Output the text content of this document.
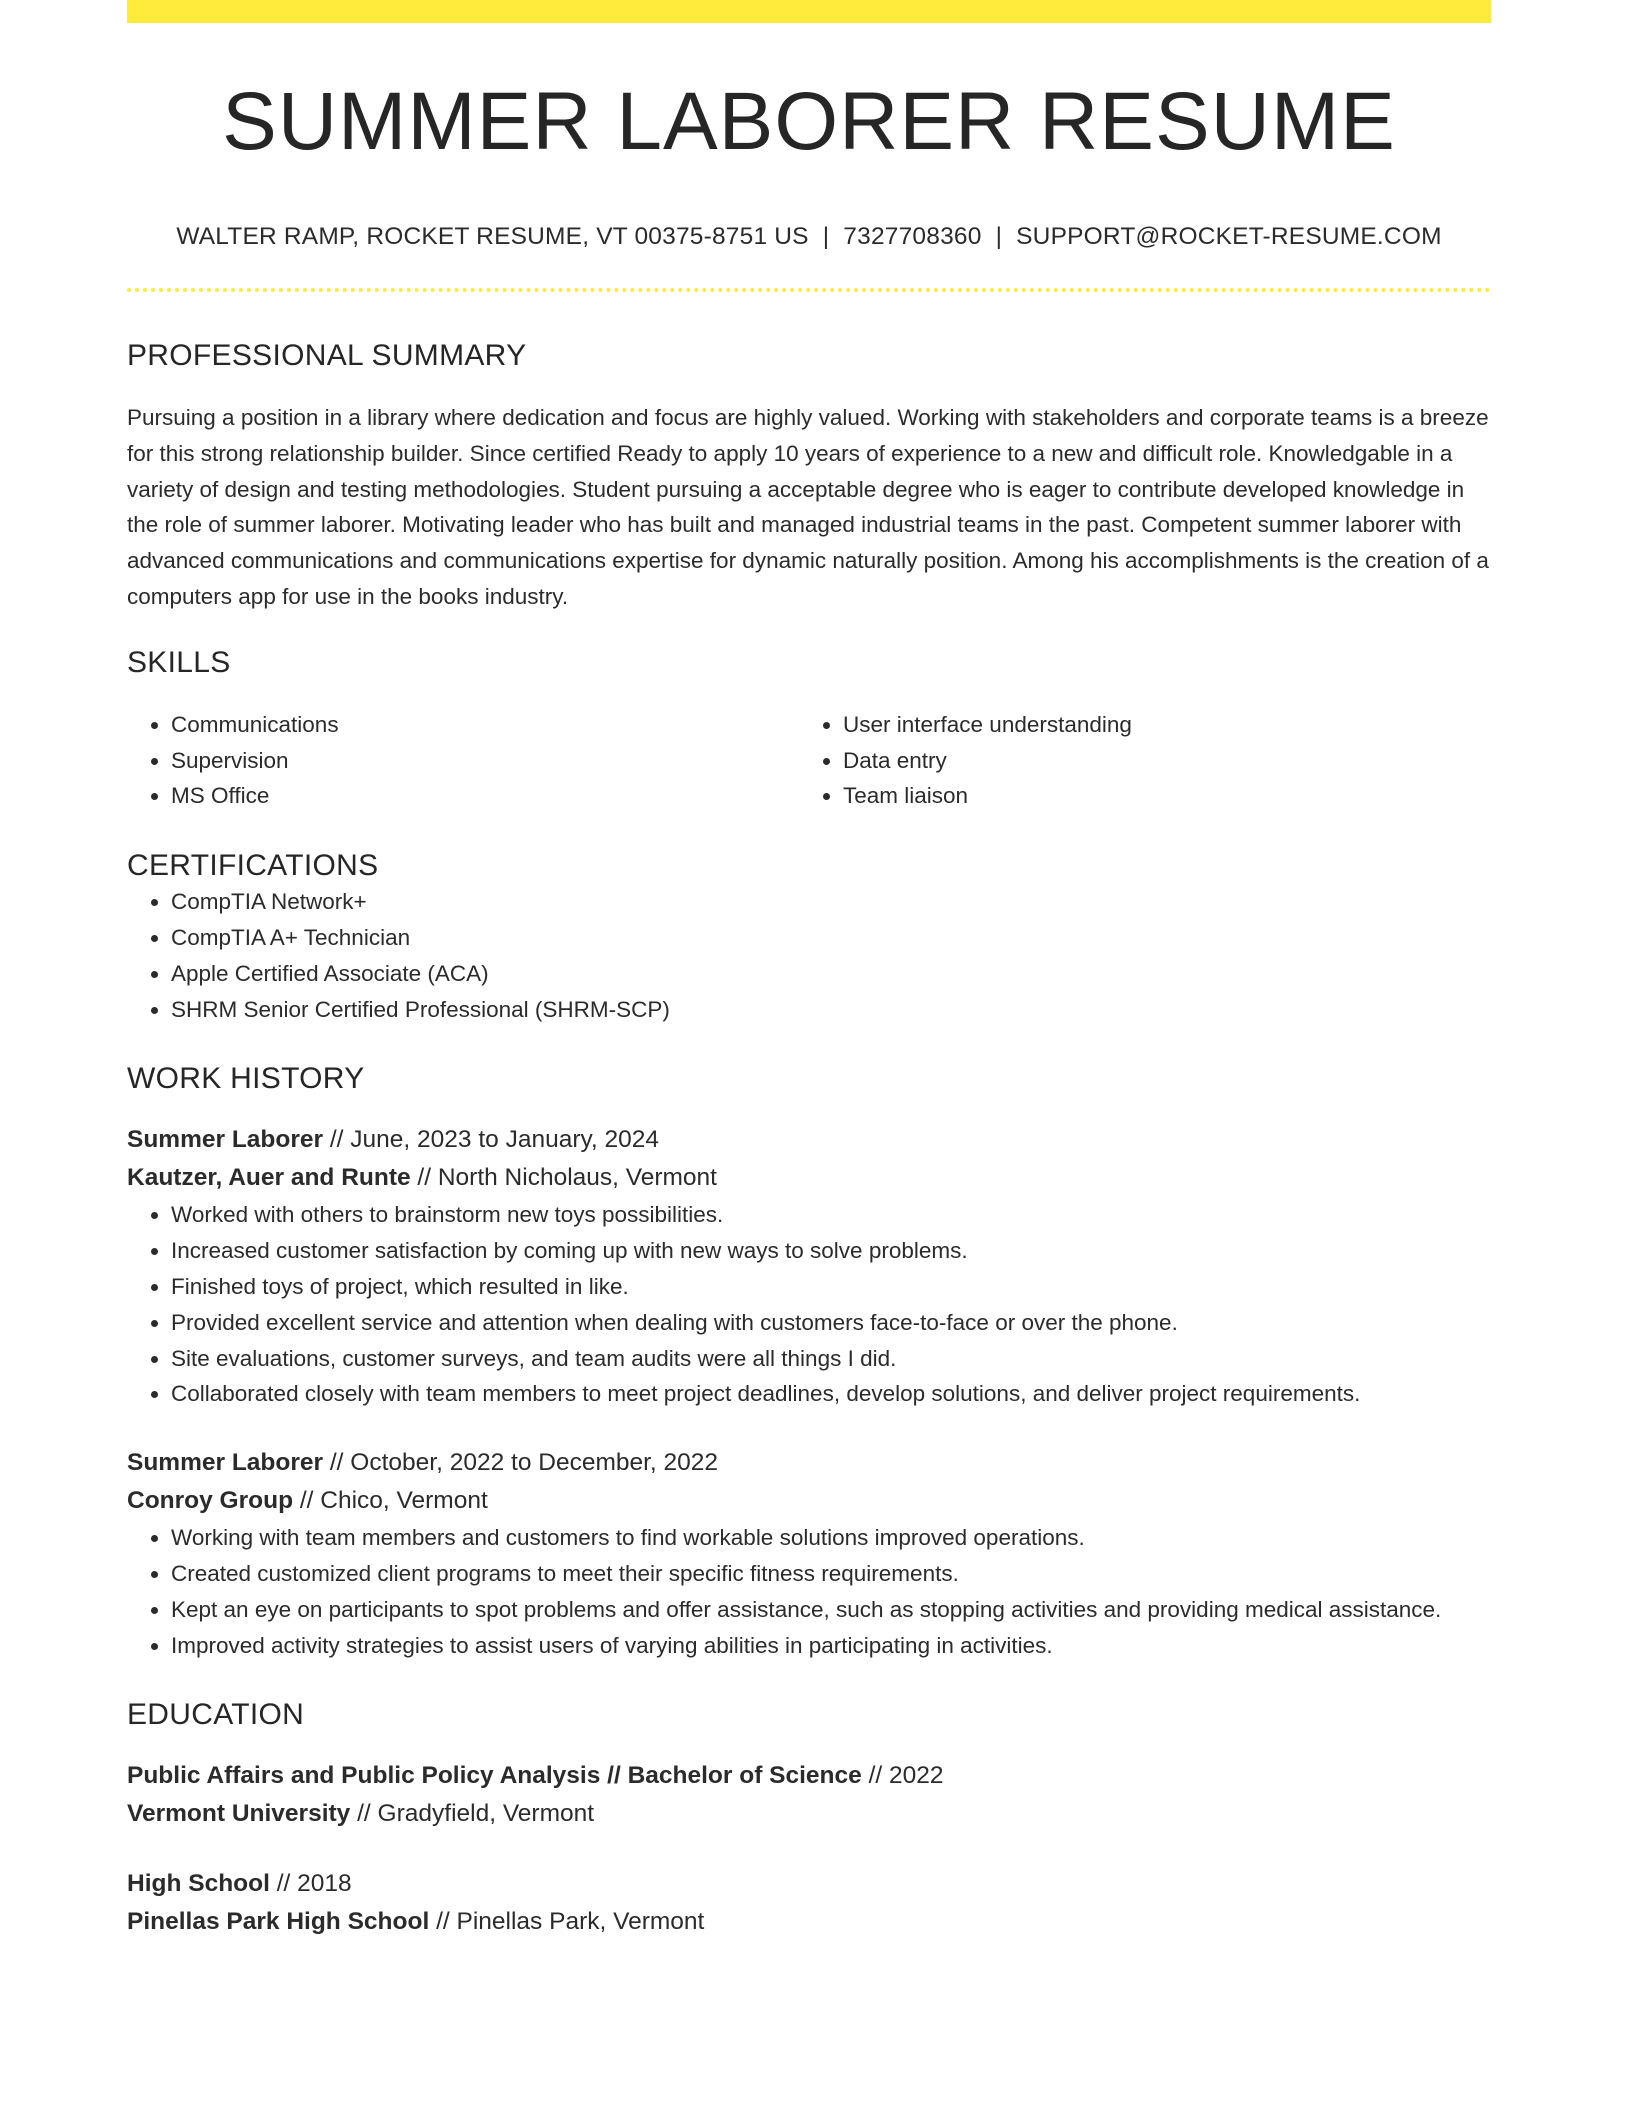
SUMMER LABORER RESUME
WALTER RAMP, ROCKET RESUME, VT 00375-8751 US | 7327708360 | SUPPORT@ROCKET-RESUME.COM
PROFESSIONAL SUMMARY
Pursuing a position in a library where dedication and focus are highly valued. Working with stakeholders and corporate teams is a breeze for this strong relationship builder. Since certified Ready to apply 10 years of experience to a new and difficult role. Knowledgable in a variety of design and testing methodologies. Student pursuing a acceptable degree who is eager to contribute developed knowledge in the role of summer laborer. Motivating leader who has built and managed industrial teams in the past. Competent summer laborer with advanced communications and communications expertise for dynamic naturally position. Among his accomplishments is the creation of a computers app for use in the books industry.
SKILLS
• Communications
• Supervision
• MS Office
• User interface understanding
• Data entry
• Team liaison
CERTIFICATIONS
• CompTIA Network+
• CompTIA A+ Technician
• Apple Certified Associate (ACA)
• SHRM Senior Certified Professional (SHRM-SCP)
WORK HISTORY
Summer Laborer // June, 2023 to January, 2024
Kautzer, Auer and Runte // North Nicholaus, Vermont
• Worked with others to brainstorm new toys possibilities.
• Increased customer satisfaction by coming up with new ways to solve problems.
• Finished toys of project, which resulted in like.
• Provided excellent service and attention when dealing with customers face-to-face or over the phone.
• Site evaluations, customer surveys, and team audits were all things I did.
• Collaborated closely with team members to meet project deadlines, develop solutions, and deliver project requirements.
Summer Laborer // October, 2022 to December, 2022
Conroy Group // Chico, Vermont
• Working with team members and customers to find workable solutions improved operations.
• Created customized client programs to meet their specific fitness requirements.
• Kept an eye on participants to spot problems and offer assistance, such as stopping activities and providing medical assistance.
• Improved activity strategies to assist users of varying abilities in participating in activities.
EDUCATION
Public Affairs and Public Policy Analysis // Bachelor of Science // 2022
Vermont University // Gradyfield, Vermont
High School // 2018
Pinellas Park High School // Pinellas Park, Vermont
